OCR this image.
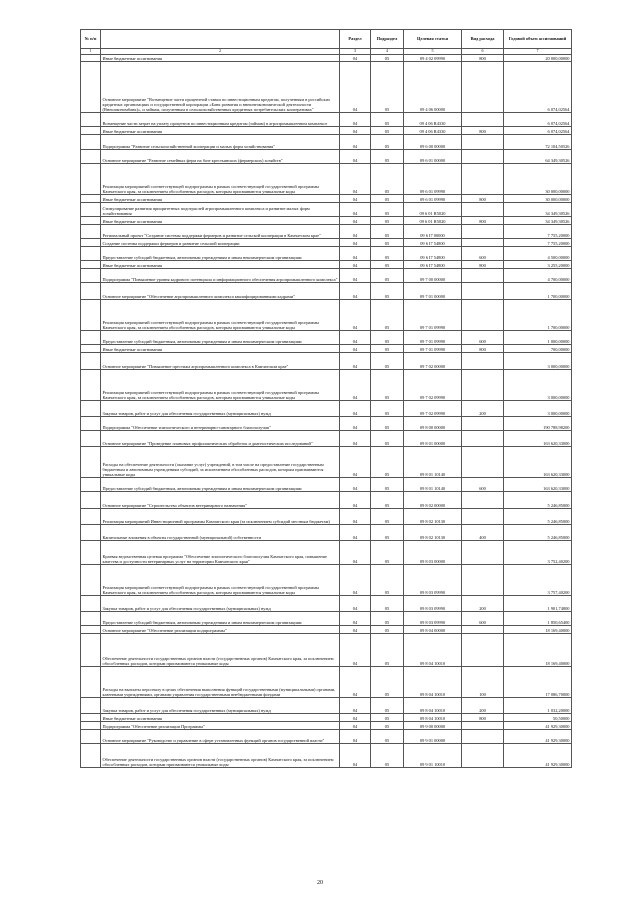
№ п/п		Раздел	Подраздел	Целевая статья	Вид расхода	Годовой объем ассигнований
1	2	3	4	5	6	7
	Иные бюджетные ассигнования	04	05	09 4 02 09990	800	20 000,00000
	Основное мероприятие "Возмещение части процентной ставки по инвестиционным кредитам, полученным в российских кредитных организациях и государственной корпорации «Банк развития и внешнеэкономической деятельности (Внешэкономбанк)», и займам, полученным в сельскохозяйственных кредитных потребительских кооперативах"	04	05	09 4 06 00000		6 074,02564
	Возмещение части затрат на уплату процентов по инвестиционным кредитам (займам) в агропромышленном комплексе	04	05	09 4 06 R4330		6 074,02564
	Иные бюджетные ассигнования	04	05	09 4 06 R4330	800	6 074,02564
	Подпрограмма "Развитие сельскохозяйственной кооперации и малых форм хозяйствования"	04	05	09 6 00 00000		72 104,50526
	Основное мероприятие "Развитие семейных ферм на базе крестьянских (фермерских) хозяйств"	04	05	09 6 01 00000		64 349,30526
	Реализация мероприятий соответствующей подпрограммы в рамках соответствующей государственной программы Камчатского края, за исключением обособленных расходов, которым присваиваются уникальные коды	04	05	09 6 01 09990		30 000,00000
	Иные бюджетные ассигнования	04	05	09 6 01 09990	800	30 000,00000
	Стимулирование развития приоритетных подотраслей агропромышленного комплекса и развитие малых форм хозяйствования	04	05	09 6 01 R5020		34 349,30526
	Иные бюджетные ассигнования	04	05	09 6 01 R5020	800	34 349,30526
	Региональный проект "Создание системы поддержки фермеров и развитие сельской кооперации в Камчатском крае"	04	05	09 6 I7 00000		7 755,20000
	Создание системы поддержки фермеров и развитие сельской кооперации	04	05	09 6 I7 54800		7 755,20000
	Предоставление субсидий бюджетным, автономным учреждениям и иным некоммерческим организациям	04	05	09 6 I7 54800	600	4 500,00000
	Иные бюджетные ассигнования	04	05	09 6 I7 54800	800	3 255,20000
	Подпрограмма "Повышение уровня кадрового потенциала и информационного обеспечения агропромышленного комплекса"	04	05	09 7 00 00000		4 700,00000
	Основное мероприятие "Обеспечение агропромышленного комплекса квалифицированными кадрами"	04	05	09 7 01 00000		1 700,00000
	Реализация мероприятий соответствующей подпрограммы в рамках соответствующей государственной программы Камчатского края, за исключением обособленных расходов, которым присваиваются уникальные коды	04	05	09 7 01 09990		1 700,00000
	Предоставление субсидий бюджетным, автономным учреждениям и иным некоммерческим организациям	04	05	09 7 01 09990	600	1 000,00000
	Иные бюджетные ассигнования	04	05	09 7 01 09990	800	700,00000
	Основное мероприятие "Повышение престижа агропромышленного комплекса в Камчатском крае"	04	05	09 7 02 00000		3 000,00000
	Реализация мероприятий соответствующей подпрограммы в рамках соответствующей государственной программы Камчатского края, за исключением обособленных расходов, которым присваиваются уникальные коды	04	05	09 7 02 09990		3 000,00000
	Закупка товаров, работ и услуг для обеспечения государственных (муниципальных) нужд	04	05	09 7 02 09990	200	3 000,00000
	Подпрограмма "Обеспечение эпизоотического и ветеринарно-санитарного благополучия"	04	05	09 8 00 00000		190 788,98200
	Основное мероприятие "Проведение плановых профилактических обработок и диагностических исследований"	04	05	09 8 01 00000		163 620,33000
	Расходы на обеспечение деятельности (оказание услуг) учреждений, в том числе на предоставление государственным бюджетным и автономным учреждениям субсидий, за исключением обособленных расходов, которым присваиваются уникальные коды	04	05	09 8 01 10140		163 620,33000
	Предоставление субсидий бюджетным, автономным учреждениям и иным некоммерческим организациям	04	05	09 8 01 10140	600	163 620,33000
	Основное мероприятие "Строительство объектов ветеринарного назначения"	04	05	09 8 02 00000		5 246,85000
	Реализация мероприятий Инвестиционной программы Камчатского края (за исключением субсидий местным бюджетам)	04	05	09 8 02 10130		5 246,85000
	Капитальные вложения в объекты государственной (муниципальной) собственности	04	05	09 8 02 10130	400	5 246,85000
	Краевая ведомственная целевая программа "Обеспечение эпизоотического благополучия Камчатского края, повышение качества и доступности ветеринарных услуг на территории Камчатского края"	04	05	09 8 03 00000		3 752,40200
	Реализация мероприятий соответствующей подпрограммы в рамках соответствующей государственной программы Камчатского края, за исключением обособленных расходов, которым присваиваются уникальные коды	04	05	09 8 03 09990		3 757,40200
	Закупка товаров, работ и услуг для обеспечения государственных (муниципальных) нужд	04	05	09 8 03 09990	200	1 901,74800
	Предоставление субсидий бюджетным, автономным учреждениям и иным некоммерческим организациям	04	05	09 8 03 09990	600	1 850,65400
	Основное мероприятие "Обеспечение реализации подпрограммы"	04	05	09 8 04 00000		18 169,40000
	Обеспечение деятельности государственных органов власти (государственных органов) Камчатского края, за исключением обособленных расходов, которым присваиваются уникальные коды	04	05	09 8 04 10010		18 169,40000
	Расходы на выплаты персоналу в целях обеспечения выполнения функций государственными (муниципальными) органами, казенными учреждениями, органами управления государственными внебюджетными фондами	04	05	09 8 04 10010	100	17 086,70000
	Закупка товаров, работ и услуг для обеспечения государственных (муниципальных) нужд	04	05	09 8 04 10010	200	1 032,20000
	Иные бюджетные ассигнования	04	05	09 8 04 10010	800	50,50000
	Подпрограмма "Обеспечение реализации Программы"	04	05	09 9 00 00000		41 929,30000
	Основное мероприятие "Руководство и управление в сфере установленных функций органов государственной власти"	04	05	09 9 01 00000		41 929,30000
	Обеспечение деятельности государственных органов власти (государственных органов) Камчатского края, за исключением обособленных расходов, которым присваиваются уникальные коды	04	05	09 9 01 10010		41 929,30000
20
